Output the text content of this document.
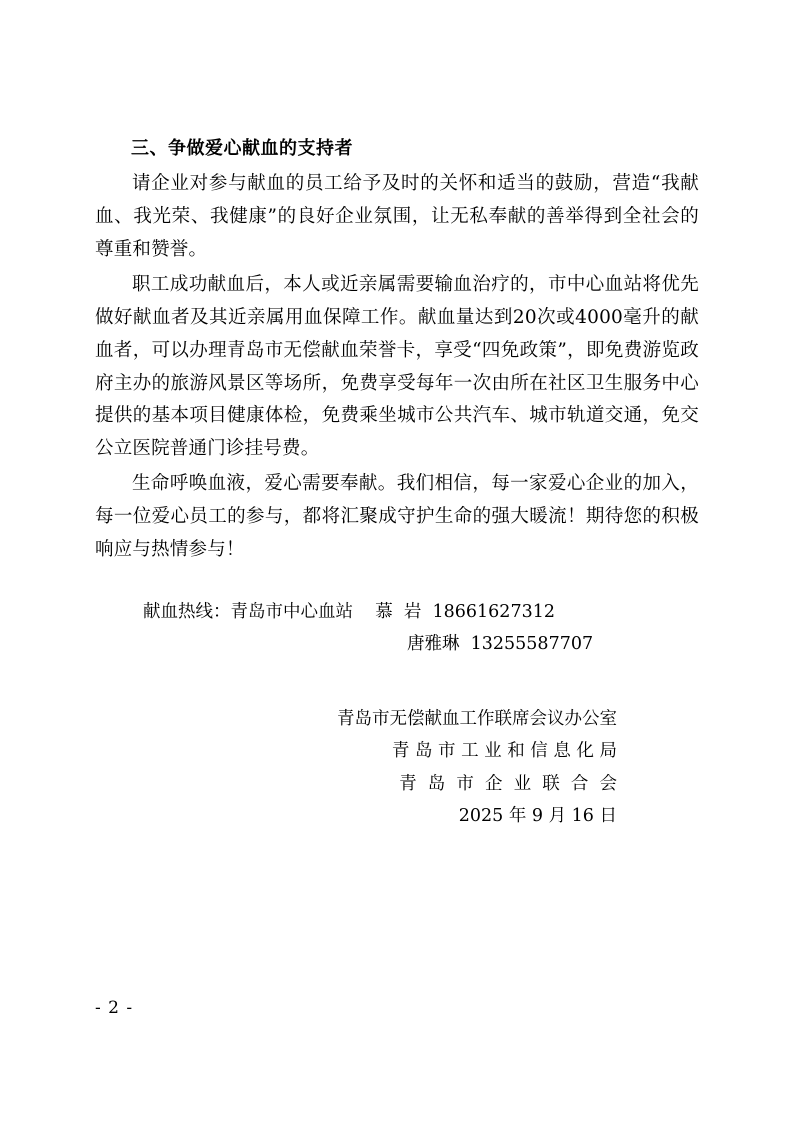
三、争做爱心献血的支持者

请企业对参与献血的员工给予及时的关怀和适当的鼓励，营造“我献血、我光荣、我健康”的良好企业氛围，让无私奉献的善举得到全社会的尊重和赞誉。

职工成功献血后，本人或近亲属需要输血治疗的，市中心血站将优先做好献血者及其近亲属用血保障工作。献血量达到20次或4000毫升的献血者，可以办理青岛市无偿献血荣誉卡，享受“四免政策”，即免费游览政府主办的旅游风景区等场所，免费享受每年一次由所在社区卫生服务中心提供的基本项目健康体检，免费乘坐城市公共汽车、城市轨道交通，免交公立医院普通门诊挂号费。

生命呼唤血液，爱心需要奉献。我们相信，每一家爱心企业的加入，每一位爱心员工的参与，都将汇聚成守护生命的强大暖流！期待您的积极响应与热情参与！

献血热线：青岛市中心血站    慕  岩  18661627312
唐雅琳  13255587707
青岛市无偿献血工作联席会议办公室
青 岛 市 工 业 和 信 息 化 局
青  岛  市  企  业  联  合  会
2025 年 9 月 16 日
- 2 -
